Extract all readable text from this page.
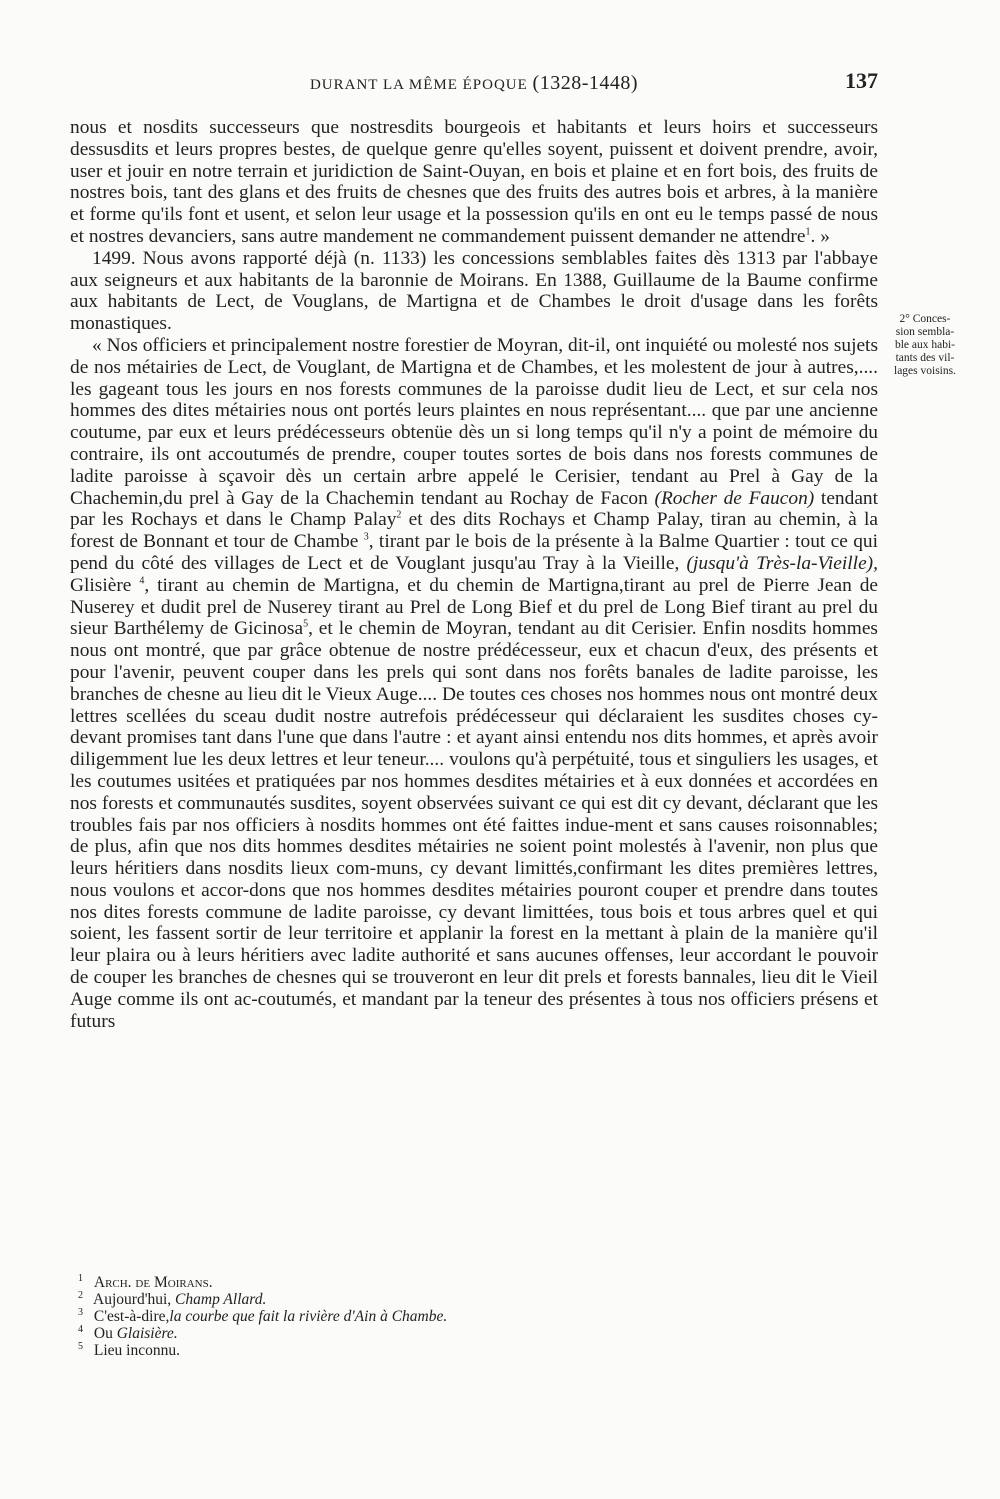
DURANT LA MÊME ÉPOQUE (1328-1448)	137

nous et nosdits successeurs que nostresdits bourgeois et habitants et leurs hoirs et successeurs dessusdits et leurs propres bestes, de quelque genre qu'elles soyent, puissent et doivent prendre, avoir, user et jouir en notre terrain et juridiction de Saint-Ouyan, en bois et plaine et en fort bois, des fruits de nostres bois, tant des glans et des fruits de chesnes que des fruits des autres bois et arbres, à la manière et forme qu'ils font et usent, et selon leur usage et la possession qu'ils en ont eu le temps passé de nous et nostres devanciers, sans autre mandement ne commandement puissent demander ne attendre$^1$. »

1499. Nous avons rapporté déjà (n. 1133) les concessions semblables faites dès 1313 par l'abbaye aux seigneurs et aux habitants de la baronnie de Moirans. En 1388, Guillaume de la Baume confirme aux habitants de Lect, de Vouglans, de Martigna et de Chambes le droit d'usage dans les forêts monastiques.

« Nos officiers et principalement nostre forestier de Moyran, dit-il, ont inquiété ou molesté nos sujets de nos métairies de Lect, de Vouglant, de Martigna et de Chambes, et les molestent de jour à autres,.... les gageant tous les jours en nos forests communes de la paroisse dudit lieu de Lect, et sur cela nos hommes des dites métairies nous ont portés leurs plaintes en nous représentant.... que par une ancienne coutume, par eux et leurs prédécesseurs obtenüe dès un si long temps qu'il n'y a point de mémoire du contraire, ils ont accoutumés de prendre, couper toutes sortes de bois dans nos forests communes de ladite paroisse à sçavoir dès un certain arbre appelé le Cerisier, tendant au Prel à Gay de la Chachemin,du prel à Gay de la Chachemin tendant au Rochay de Facon (Rocher de Faucon) tendant par les Rochays et dans le Champ Palay$^2$ et des dits Rochays et Champ Palay, tiran au chemin, à la forest de Bonnant et tour de Chambe $^3$, tirant par le bois de la présente à la Balme Quartier : tout ce qui pend du côté des villages de Lect et de Vouglant jusqu'au Tray à la Vieille, (jusqu'à Très-la-Vieille), Glisière $^4$, tirant au chemin de Martigna, et du chemin de Martigna,tirant au prel de Pierre Jean de Nuserey et dudit prel de Nuserey tirant au Prel de Long Bief et du prel de Long Bief tirant au prel du sieur Barthélemy de Gicinosa$^5$, et le chemin de Moyran, tendant au dit Cerisier. Enfin nosdits hommes nous ont montré, que par grâce obtenue de nostre prédécesseur, eux et chacun d'eux, des présents et pour l'avenir, peuvent couper dans les prels qui sont dans nos forêts banales de ladite paroisse, les branches de chesne au lieu dit le Vieux Auge.... De toutes ces choses nos hommes nous ont montré deux lettres scellées du sceau dudit nostre autrefois prédécesseur qui déclaraient les susdites choses cy-devant promises tant dans l'une que dans l'autre : et ayant ainsi entendu nos dits hommes, et après avoir diligemment lue les deux lettres et leur teneur.... voulons qu'à perpétuité, tous et singuliers les usages, et les coutumes usitées et pratiquées par nos hommes desdites métairies et à eux données et accordées en nos forests et communautés susdites, soyent observées suivant ce qui est dit cy devant, déclarant que les troubles fais par nos officiers à nosdits hommes ont été faittes indue-ment et sans causes roisonnables; de plus, afin que nos dits hommes desdites métairies ne soient point molestés à l'avenir, non plus que leurs héritiers dans nosdits lieux com-muns, cy devant limittés,confirmant les dites premières lettres, nous voulons et accor-dons que nos hommes desdites métairies pouront couper et prendre dans toutes nos dites forests commune de ladite paroisse, cy devant limittées, tous bois et tous arbres quel et qui soient, les fassent sortir de leur territoire et applanir la forest en la mettant à plain de la manière qu'il leur plaira ou à leurs héritiers avec ladite authorité et sans aucunes offenses, leur accordant le pouvoir de couper les branches de chesnes qui se trouveront en leur dit prels et forests bannales, lieu dit le Vieil Auge comme ils ont ac-coutumés, et mandant par la teneur des présentes à tous nos officiers présens et futurs

2° Conces-
sion sembla-
ble aux habi-
tants des vil-
lages voisins.
1 Arch. de Moirans.
2 Aujourd'hui, Champ Allard.
3 C'est-à-dire,la courbe que fait la rivière d'Ain à Chambe.
4 Ou Glaisière.
5 Lieu inconnu.
